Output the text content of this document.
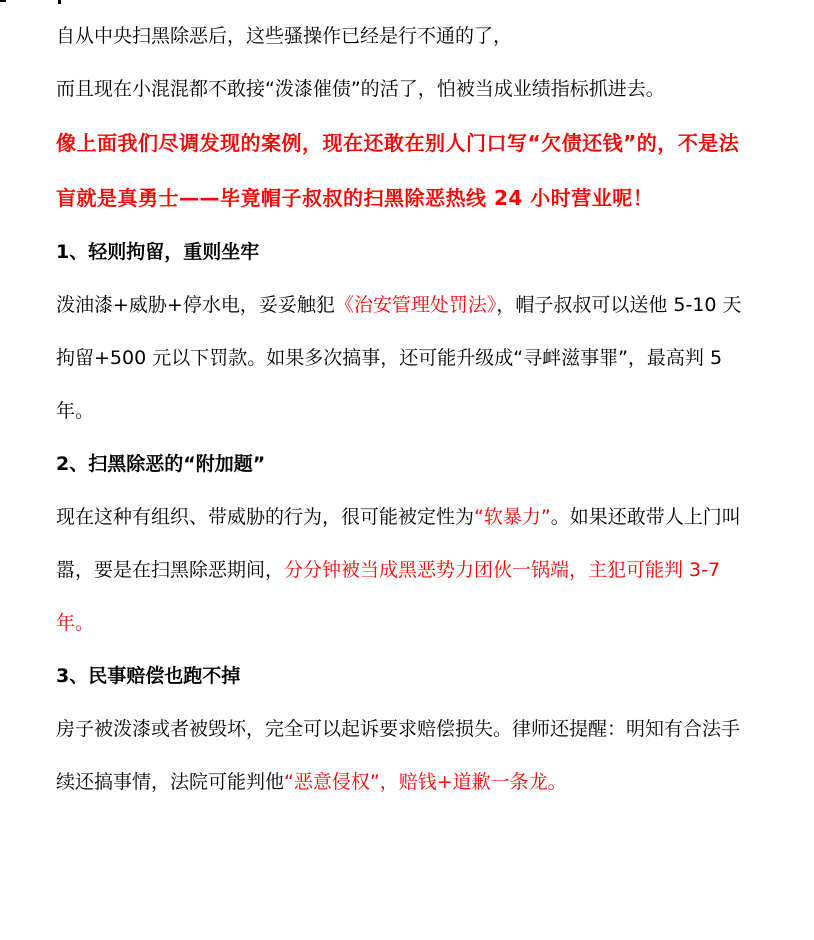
自从中央扫黑除恶后，这些骚操作已经是行不通的了，

而且现在小混混都不敢接“泼漆催债”的活了，怕被当成业绩指标抓进去。

像上面我们尽调发现的案例，现在还敢在别人门口写“欠债还钱”的，不是法盲就是真勇士——毕竟帽子叔叔的扫黑除恶热线 24 小时营业呢！

1、轻则拘留，重则坐牢

泼油漆+威胁+停水电，妥妥触犯《治安管理处罚法》，帽子叔叔可以送他 5-10 天拘留+500 元以下罚款。如果多次搞事，还可能升级成“寻衅滋事罪”，最高判 5 年。

2、扫黑除恶的“附加题”

现在这种有组织、带威胁的行为，很可能被定性为“软暴力”。如果还敢带人上门叫嚣，要是在扫黑除恶期间，分分钟被当成黑恶势力团伙一锅端，主犯可能判 3-7 年。

3、民事赔偿也跑不掉

房子被泼漆或者被毁坏，完全可以起诉要求赔偿损失。律师还提醒：明知有合法手续还搞事情，法院可能判他“恶意侵权”，赔钱+道歉一条龙。
